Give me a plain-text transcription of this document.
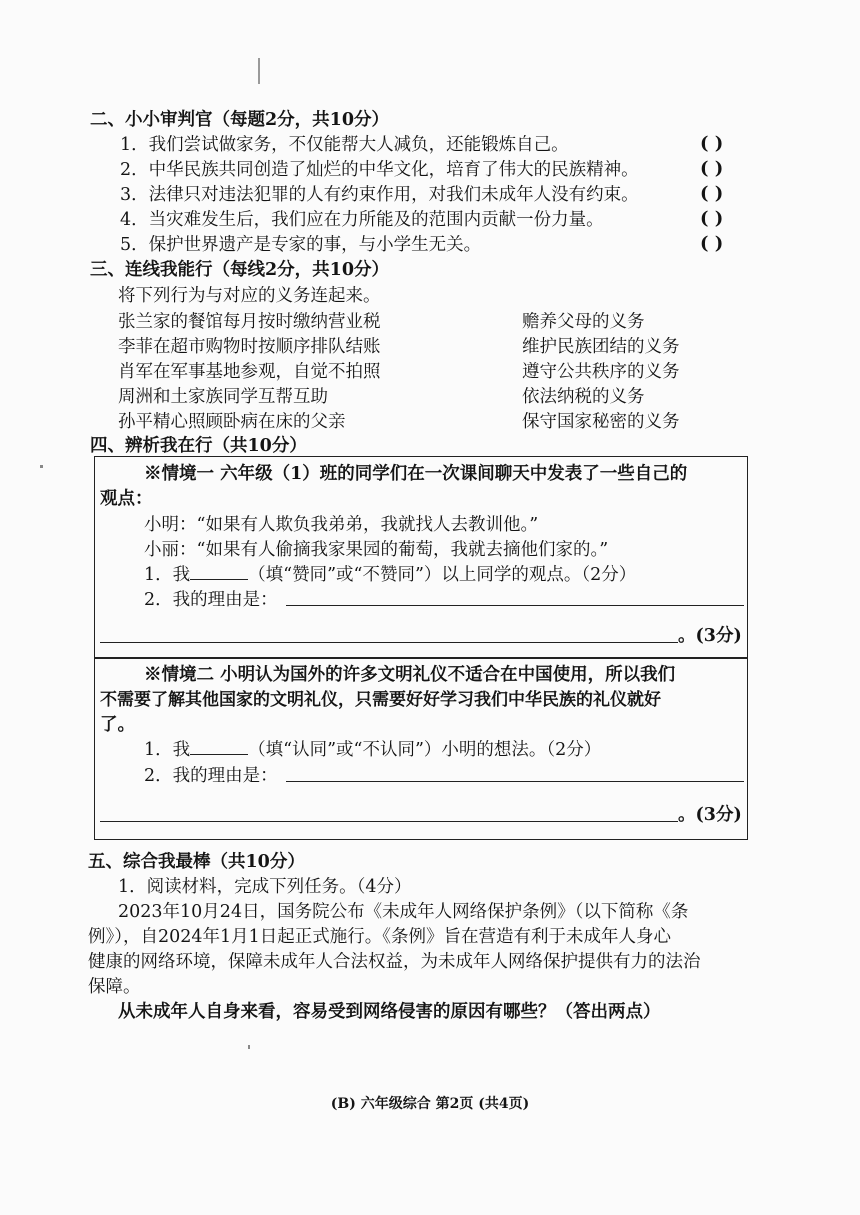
二、小小审判官（每题2分，共10分）
1．我们尝试做家务，不仅能帮大人减负，还能锻炼自己。
2．中华民族共同创造了灿烂的中华文化，培育了伟大的民族精神。
3．法律只对违法犯罪的人有约束作用，对我们未成年人没有约束。
4．当灾难发生后，我们应在力所能及的范围内贡献一份力量。
5．保护世界遗产是专家的事，与小学生无关。
( )
( )
( )
( )
( )
三、连线我能行（每线2分，共10分）
将下列行为与对应的义务连起来。
张兰家的餐馆每月按时缴纳营业税
李菲在超市购物时按顺序排队结账
肖军在军事基地参观，自觉不拍照
周洲和土家族同学互帮互助
孙平精心照顾卧病在床的父亲
赡养父母的义务
维护民族团结的义务
遵守公共秩序的义务
依法纳税的义务
保守国家秘密的义务
四、辨析我在行（共10分）
※情境一 六年级（1）班的同学们在一次课间聊天中发表了一些自己的
观点：
小明：“如果有人欺负我弟弟，我就找人去教训他。”
小丽：“如果有人偷摘我家果园的葡萄，我就去摘他们家的。”
1．我	（填“赞同”或“不赞同”）以上同学的观点。（2分）
2．我的理由是：
。(3分)
※情境二 小明认为国外的许多文明礼仪不适合在中国使用，所以我们
不需要了解其他国家的文明礼仪，只需要好好学习我们中华民族的礼仪就好
了。
1．我	（填“认同”或“不认同”）小明的想法。（2分）
2．我的理由是：
。(3分)
五、综合我最棒（共10分）
1．阅读材料，完成下列任务。（4分）
2023年10月24日，国务院公布《未成年人网络保护条例》（以下简称《条
例》），自2024年1月1日起正式施行。《条例》旨在营造有利于未成年人身心
健康的网络环境，保障未成年人合法权益，为未成年人网络保护提供有力的法治
保障。
从未成年人自身来看，容易受到网络侵害的原因有哪些？（答出两点）
(B) 六年级综合 第2页 (共4页)
